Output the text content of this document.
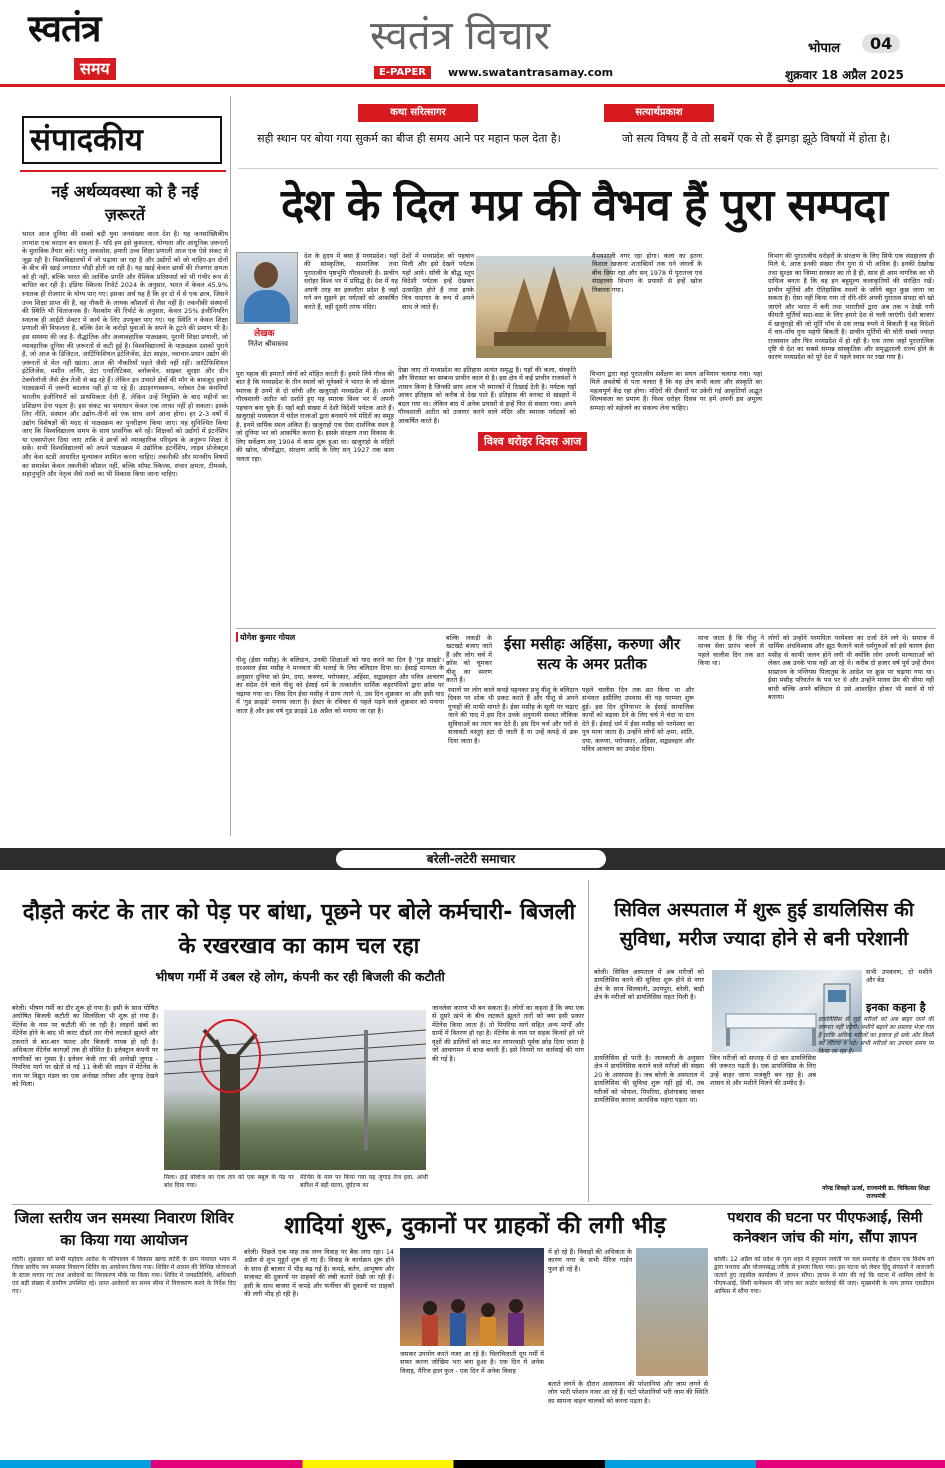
स्वतंत्र
समय
स्वतंत्र विचार
E-PAPER	www.swatantrasamay.com
भोपाल	04
शुक्रवार 18 अप्रैल 2025
संपादकीय
नई अर्थव्यवस्था को है नई ज़रूरतें
भारत आज दुनिया की सबसे बड़ी युवा जनसंख्या वाला देश है। यह जनसांख्यिकीय लाभांश एक वरदान बन सकता है- यदि हम इसे कुशलता, योग्यता और आधुनिक ज़रूरतों के मुताबिक तैयार करें। परंतु अफसोस, हमारी उच्च शिक्षा प्रणाली आज एक ऐसे संकट से जूझ रही है। विश्वविद्यालयों में जो पढ़ाया जा रहा है और उद्योगों को जो चाहिए-इन दोनों के बीच की खाई लगातार चौड़ी होती जा रही है। यह खाई केवल छात्रों की रोजगार क्षमता को ही नहीं, बल्कि भारत की आर्थिक प्रगति और वैश्विक प्रतिस्पर्धा को भी गंभीर रूप से बाधित कर रही है। इंडिया स्किल्स रिपोर्ट 2024 के अनुसार, भारत में केवल 45.9% स्नातक ही रोजगार के योग्य पाए गए। इसका अर्थ यह है कि हर दो में से एक छात्र, जिसने उच्च शिक्षा प्राप्त की है, वह नौकरी के लायक कौशलों से लैस नहीं है। तकनीकी संस्थानों की स्थिति भी चिंताजनक है। नैसकॉम की रिपोर्ट के अनुसार, केवल 25% इंजीनियरिंग स्नातक ही आईटी सेक्टर में कार्य के लिए उपयुक्त पाए गए। यह स्थिति न केवल शिक्षा प्रणाली की विफलता है, बल्कि देश के करोड़ों युवाओं के सपने के टूटने की प्रमाण भी है। इस समस्या की जड़ है- सैद्धांतिक और अव्यावहारिक पाठ्यक्रम, पुरानी शिक्षा प्रणाली, जो व्यावहारिक दुनिया की ज़रूरतों से कटी हुई है। विश्वविद्यालयों के पाठ्यक्रम दशकों पुराने हैं, जो आज के डिजिटल, आर्टिफिशियल इंटेलिजेंस, डेटा साइंस, नवाचार-प्रधान उद्योग की ज़रूरतों से मेल नहीं खाता। आज की नौकरियाँ पहले जैसी नहीं रहीं। आर्टिफिशियल इंटेलिजेंस, मशीन लर्निंग, डेटा एनालिटिक्स, ब्लॉकचेन, साइबर सुरक्षा और ग्रीन टेक्नोलॉजी जैसे क्षेत्र तेजी से बढ़ रहे हैं। लेकिन इन उभरते क्षेत्रों की माँग के बावजूद हमारे पाठ्यक्रमों में ज़रूरी बदलाव नहीं हो पा रहे हैं। उदाहरणस्वरूप, ग्लोबल टेक कंपनियाँ भारतीय इंजीनियरों को प्राथमिकता देती हैं, लेकिन उन्हें नियुक्ति के बाद महीनों का प्रशिक्षण देना पड़ता है। इस संकट का समाधान केवल एक तरफ़ा नहीं हो सकता। इसके लिए नीति, संस्थान और उद्योग-तीनों को एक साथ आगे आना होगा। हर 2-3 वर्षों में उद्योग विशेषज्ञों की मदद से पाठ्यक्रम का पुनरीक्षण किया जाए। यह सुनिश्चित किया जाए कि विश्वविद्यालय समय के साथ प्रासंगिक बने रहें। शिक्षकों को उद्योगों में इंटर्नशिप या एक्सपोज़र दिया जाए ताकि वे छात्रों को व्यावहारिक परिदृश्य के अनुरूप शिक्षा दे सकें। सभी विश्वविद्यालयों को अपने पाठ्यक्रम में उद्योगिक इंटर्नशिप, लाइव प्रोजेक्ट्स और केस स्टडी आधारित मूल्यांकन शामिल करना चाहिए। तकनीकी और मानवीय विषयों का समावेश केवल तकनीकी कौशल नहीं, बल्कि सॉफ्ट स्किल्स, संचार क्षमता, टीमवर्क, सहानुभूति और नेतृत्व जैसे तत्वों का भी विकास किया जाना चाहिए।
कथा सरित्सागर	सत्यार्थप्रकाश
सही स्थान पर बोया गया सुकर्म का बीज ही समय आने पर महान फल देता है।	जो सत्य विषय हैं वे तो सबमें एक से हैं झगड़ा झूठे विषयों में होता है।
देश के दिल मप्र की वैभव हैं पुरा सम्पदा
लेखक
नितेश श्रीवास्तव
देश के हृदय में बसा है मध्यप्रदेश। यहाँ की सांस्कृतिक, सामाजिक तथा पुरातत्वीय पृष्ठभूमि गौरवशाली है। प्राचीन धरोहर विश्व भर में प्रसिद्ध है। देश में यह अपनी तरह का इकलौता प्रदेश है जहाँ घने वन सुहाने हर पर्यटकों को आकर्षित करते हैं, वहीं दूसरी तरफ मंदिर।
देशों में मध्यप्रदेश को पहचान मिली और इसे देखने पर्यटक यहाँ आये। साँची के बौद्ध स्तूप विदेशी पर्यटक इन्हें देखकर उत्साहित होते हैं तथा इनके चित्र यादगार के रूप में अपने साथ ले जाते हैं।
पुरा महत्व की इमारतें लोगों को मोहित करती हैं। हमारे लिये गौरव की बात है कि मध्यप्रदेश के तीन स्थलों को यूनेस्को ने भारत के जो खेतल स्मारक है उनमें से दो साँची और खजुराहो मध्यप्रदेश में हैं। अपने गौरवशाली अतीत को दर्शाते हुए यह स्मारक विश्व भर में अपनी पहचान बना चुके हैं। यहाँ बड़ी संख्या में देशी विदेशी पर्यटक आते हैं। खजुराहो मध्यकाल में चंदेल राजाओं द्वारा बनवाये गये मंदिरों का समूह है, इनमें धार्मिक स्थल अंकित हैं। खजुराहो एक ऐसा दार्शनिक स्थल है जो दुनिया भर को आकर्षित करता है। इसके संरक्षण तथा विकास के लिए सर्वेक्षण सन् 1904 में काम शुरू हुआ था। खजुराहो के मंदिरों की खोज, जीर्णोद्धार, संरक्षण आदि के लिए सन् 1927 तक काम चलता रहा।
देखा जाए तो मध्यप्रदेश का इतिहास अत्यंत समृद्ध है। यहाँ की कला, संस्कृति और विरासत का सम्बन्ध प्राचीन काल से है। इस क्षेत्र में कई प्राचीन राजवंशों ने शासन किया है जिनकी छाप आज भी स्मारकों में दिखाई देती है। पर्यटक यहाँ आकर इतिहास को करीब से देख पाते हैं। इतिहास की करवट से खंडहरों में बदल गया था। लेकिन बाद में अनेक प्रयासों से इन्हें फिर से संवारा गया। अपने गौरवशाली अतीत को उजागर करने वाले मंदिर और स्मारक पर्यटकों को आकर्षित करते हैं।
विश्व धरोहर दिवस आज
वैभवशाली नगर रहा होगा। कला का इतना विशाल खजाना शताब्दियों तक घने जंगलों के बीच छिपा रहा और सन् 1978 में पुरातत्त्व एवं संग्रहालय विभाग के प्रयासों से इन्हें खोज निकाला गया।
विभाग द्वारा यहां पुरातत्वीय सर्वेक्षण का सघन अभियान चलाया गया। यहां मिले अवशेषों से पता चलता है कि यह क्षेत्र कभी कला और संस्कृति का महत्वपूर्ण केंद्र रहा होगा। मंदिरों की दीवारों पर उकेरी गई आकृतियाँ अद्भुत शिल्पकला का प्रमाण हैं। विश्व धरोहर दिवस पर हमें अपनी इस अमूल्य सम्पदा को सहेजने का संकल्प लेना चाहिए।
विभाग की पुरातत्वीय धरोहरों के संरक्षण के लिए सिर्फ एक संग्रहालय ही मिले थे, आज इनकी संख्या तीन गुना से भी अधिक है। इनकी देखरेख तथा सुरक्षा का जिम्मा सरकार का तो है ही, साथ ही आम नागरिक का भी दायित्व बनता है कि वह इन बहुमूल्य कलाकृतियों की संरक्षित रखें। प्राचीन मूर्तियों और ऐतिहासिक स्थलों के जरिये बहुत कुछ जाना जा सकता है। ऐसा नहीं किया गया तो धीरे-धीरे अपनी पुरातत्व संपदा को खो जाएंगे और भारत में बनी तथा भारतीयों द्वारा अब तक न देखी गयी कीमती मूर्तियाँ सदा-सदा के लिए हमारे देश से चली जाएंगी। देशी बाजार में खजुराहो की जो मूर्ति पाँच से दस लाख रुपये में बिकती है वह विदेशों में चार-पाँच गुना महंगी बिकती है। प्राचीन मूर्तियों की चोरी सबसे ज्यादा राजस्थान और फिर मध्यप्रदेश में हो रही है। एक तरफ जहाँ पुरातात्विक दृष्टि से देश का सबसे सम्पन्न सांस्कृतिक और समृद्धशाली राज्य होने के कारण मध्यप्रदेश को पूरे देश में पहले स्थान पर रखा गया है।
योगेश कुमार गोयल	बल्कि लकड़ी के खटखटे बजाए जाते हैं और लोग चर्च में क्रॉस को चूमकर यीशु का स्मरण करते हैं।
ईसा मसीहः अहिंसा, करुणा और सत्य के अमर प्रतीक
यीशु (ईसा मसीह) के बलिदान, उनकी शिक्षाओं को याद करने का दिन है 'गुड फ्राइडे'। दरअसल ईसा मसीह ने मानवता की भलाई के लिए बलिदान दिया था। ईसाई मान्यता के अनुसार दुनिया को प्रेम, दया, करुणा, परोपकार, अहिंसा, सद्व्यवहार और पवित्र आचरण का संदेश देने वाले यीशु को ईसाई धर्म के तत्कालीन धार्मिक कट्टरपंथियों द्वारा क्रॉस पर चढ़ाया गया था। जिस दिन ईसा मसीह ने प्राण त्यागे थे, उस दिन शुक्रवार था और इसी याद में 'गुड फ्राइडे' मनाया जाता है। ईस्टर के रविवार से पहले पड़ने वाले शुक्रवार को मनाया जाता है और इस वर्ष गुड फ्राइडे 18 अप्रैल को मनाया जा रहा है।
स्थानों पर लोग काले कपड़े पहनकर प्रभु यीशु के बलिदान दिवस पर शोक भी प्रकट करते हैं और यीशु से अपने गुनाहों की माफी मांगते हैं। ईसा मसीह के सूली पर चढ़ाए जाने की याद में इस दिन उनके अनुयायी समस्त लौकिक सुविधाओं का त्याग कर देते हैं। इस दिन चर्च और घरों से सजावटी वस्तुएं हटा दी जाती हैं या उन्हें कपड़े से ढक दिया जाता है।
पहले चालीस दिन तक व्रत किया था और संभवतः इसीलिए उपवास की यह परम्परा शुरू हुई। इस दिन दुनियाभर के ईसाई सामाजिक कार्यों को बढ़ावा देने के लिए चर्च में चंदा या दान देते हैं। ईसाई धर्म में ईसा मसीह को परमेश्वर का पुत्र माना जाता है। उन्होंने लोगों को क्षमा, शांति, दया, करुणा, परोपकार, अहिंसा, सद्व्यवहार और पवित्र आचरण का उपदेश दिया।
माना जाता है कि यीशु ने मानव सेवा प्रारंभ करने से पहले चालीस दिन तक व्रत किया था।
लोगों को उन्होंने परमपिता परमेश्वर का दर्जा देने लगे थे। समाज में धार्मिक अंधविश्वास और झूठ फैलाने वाले धर्मगुरुओं को इसे कारण ईसा मसीह से काफी जलन होने लगी थी क्योंकि लोग अपनी मान्यताओं को लेकर अब उनके पास नहीं आ रहे थे। करीब दो हजार वर्ष पूर्व उन्हें रोमन साम्राज्य के पन्तियस पिलातुस के आदेश पर क्रूस पर चढ़ाया गया था। ईसा मसीह परिवर्तन के पथ पर थे और उन्होंने मानव प्रेम की सीमा नहीं बांधी बल्कि अपने बलिदान से उसे आवरहित होकर भी स्वार्थ से परे बताया।
बरेली-लटेरी समाचार
दौड़ते करंट के तार को पेड़ पर बांधा, पूछने पर बोले कर्मचारी- बिजली के रखरखाव का काम चल रहा
भीषण गर्मी में उबल रहे लोग, कंपनी कर रही बिजली की कटौती
बरेली। भीषण गर्मी का दौर शुरू हो गया है। इसी के साथ घोषित अघोषित बिजली कटौती का सिलसिला भी शुरू हो गया है। मेंटेनेंस के नाम पर कटौती की जा रही है। लाइनों खंबों का मेंटेनेंस होने के बाद भी करंट दौड़ते तार नीचे लटकते झूलते और टकराते से बार-बार फाल्ट और बिजली गायब हो रही है। अधिकतर मेंटेनेंस कागज़ों तक ही सीमित है। इलेक्ट्रान कंपनी पर नागरिकों का गुस्सा है। इलेवन केवी तार की अनोखी जुगाड़ - पिपरिया मार्ग पर खेतों से गई 11 केवी की लाइन में मेंटेनेंस के नाम पर विद्युत मंडल का एक अनोखा तरीका और जुगाड़ देखने को मिला।
मिला। हाई वोल्टेज का एक तार को एक बबूल के पेड़ पर बांध दिया गया।
मेंटेनेंस के नाम पर किया गया यह जुगाड़ तेज हवा, आंधी बारिश में बड़ी घटना, दुर्घटना का
जानलेवा कारण भी बन सकता है। लोगों का कहना है कि क्या एक से दूसरे खंभे के बीच लटकते झूलते तारों को क्या इसी प्रकार मेंटेनेंस किया जाता है। तो पिपरिया मार्ग सहित अन्य मार्गों और ग्रामों में वितरण हो रहा है। मेंटेनेंस के नाम पर सड़क किनारे हरे भरे वृक्षों की डालियों को काट कर लापरवाही पूर्वक छोड़ दिया जाता है जो आवागमन में बाधा बनती हैं। इसे निगमों पर कार्रवाई की मांग की गई है।
सिविल अस्पताल में शुरू हुई डायलिसिस की सुविधा, मरीज ज्यादा होने से बनी परेशानी
बरेली। सिविल अस्पताल में अब मरीजों को डायलिसिस करने की सुविधा शुरू होने से नगर क्षेत्र के साथ सिलवानी, उदयपुरा, बरेली, बाड़ी क्षेत्र के मरीजों को डायलिसिस राहत मिली है।
सभी उपकरण, दो मशीने और बेड
इनका कहना है
डायलिसिस से जुड़े मरीजों को अब बाहर जाने की जरूरत नहीं पड़ेगी। मशीनें बढ़ाने का प्रस्ताव भेजा गया है ताकि अधिक मरीजों का इलाज हो सके और किसी को लौटना न पड़े। सभी मरीजों का उपचार समय पर किया जा रहा है।
डायलिसिस हो पाती है। जानकारी के अनुसार क्षेत्र में डायलिसिस कराने वाले मरीजों की संख्या 20 के आसपास है। जब बरेली के अस्पताल में डायलिसिस की सुविधा शुरू नहीं हुई थी, तब मरीजों को भोपाल, पिपरिया, होशंगाबाद जाकर डायलिसिस कराना अत्यधिक महंगा पड़ता था।
जिन मरीजों को सप्ताह में दो बार डायलिसिस की जरूरत पड़ती है। एक डायलिसिस के लिए उन्हें बाहर जाना मजबूरी बन रहा है। अब शासन से और मशीनें मिलने की उम्मीद है।
नरेन्द्र शिवहरे ऊर्जा, राज्यमंत्री डा. चिकित्सा शिक्षा राज्यमंत्री
जिला स्तरीय जन समस्या निवारण शिविर का किया गया आयोजन
लटेरी। शुक्रवार को सभी महोदय आदेश के परिपालन में विकास खण्ड लटेरी के ग्राम पंचायत भवन में जिला स्तरीय जन समस्या निवारण शिविर का आयोजन किया गया। शिविर में शासन की विभिन्न योजनाओं के स्टाल लगाए गए तथा आवेदनों का निराकरण मौके पर किया गया। शिविर में जनप्रतिनिधि, अधिकारी एवं बड़ी संख्या में ग्रामीण उपस्थित रहे। प्राप्त आवेदनों का समय सीमा में निराकरण करने के निर्देश दिए गए।
शादियां शुरू, दुकानों पर ग्राहकों की लगी भीड़
बरेली। पिछले एक माह तक लग्न विवाह पर बैक लगा रहा। 14 अप्रैल से शुभ मुहूर्त शुरू हो गए हैं। विवाह के कार्यक्रम शुरू होने के साथ ही बाजार में भीड़ बढ़ गई है। कपड़े, बर्तन, आभूषण और सजावट की दुकानों पर ग्राहकों की लंबी कतारें देखी जा रही हैं। इसी के साथ बाजार में कपड़े और फर्नीचर की दुकानों पर ग्राहकों की लगी भीड़ हो रही है।
जमकर उपयोग करते नजर आ रहे है। चिलचिलाती धूप गर्मी में सफर करना जोखिम भरा बना हुआ है। एक दिन में अनेक विवाह, मैरिज हाल फुल - एक दिन में अनेक विवाह
में हो रहे हैं। विवाहों की अधिकता के कारण नगर के सभी मैरिज गार्डन फुल हो रहे हैं।
बताते लगने के दौरान आवागमन की परेशानियां और जाम लगने से लोग भारी परेशान नजर आ रहे हैं। घंटों परेशानियाँ भरी जाम की स्थिति का सामना वाहन चालकों को करना पड़ता है।
पथराव की घटना पर पीएफआई, सिमी कनेक्शन जांच की मांग, सौंपा ज्ञापन
बरेली। 12 अप्रैल को प्रदेश के गुना शहर में हनुमान जयंती पर चल समारोह के दौरान एक विशेष वर्ग द्वारा पथराव और योजनाबद्ध तरीके से हमला किया गया। इस घटना को लेकर हिंदू संगठनों ने नाराजगी जताते हुए तहसील कार्यालय में ज्ञापन सौंपा। ज्ञापन में मांग की गई कि घटना में शामिल लोगों के पीएफआई, सिमी कनेक्शन की जांच कर कठोर कार्रवाई की जाए। मुख्यमंत्री के नाम ज्ञापन एसडीएम आफिस में सौंपा गया।
